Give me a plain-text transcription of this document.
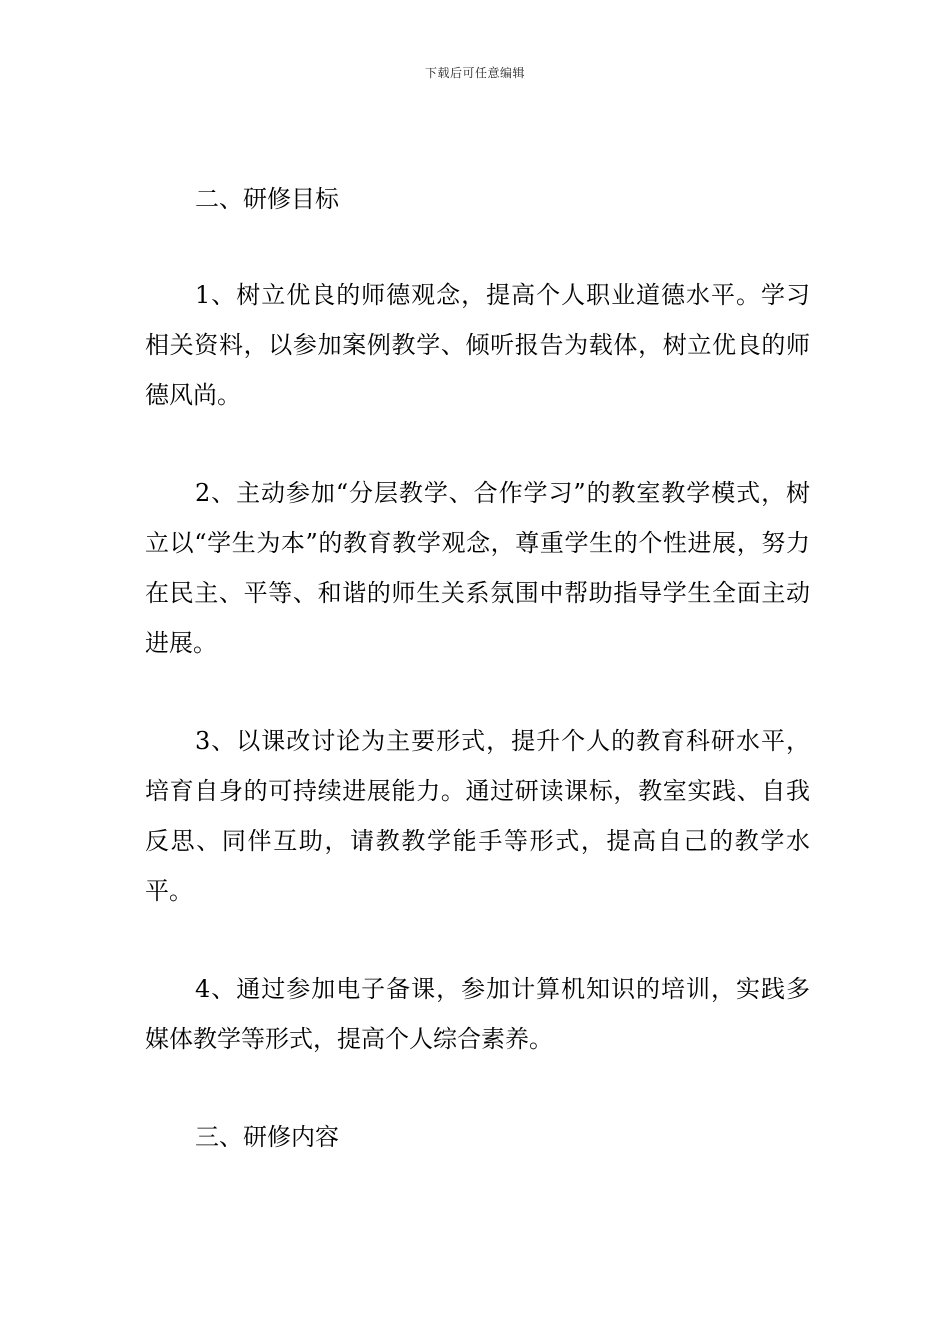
下载后可任意编辑
二、研修目标

1、树立优良的师德观念，提高个人职业道德水平。学习相关资料，以参加案例教学、倾听报告为载体，树立优良的师德风尚。

2、主动参加“分层教学、合作学习”的教室教学模式，树立以“学生为本”的教育教学观念，尊重学生的个性进展，努力在民主、平等、和谐的师生关系氛围中帮助指导学生全面主动进展。

3、以课改讨论为主要形式，提升个人的教育科研水平，培育自身的可持续进展能力。通过研读课标，教室实践、自我反思、同伴互助，请教教学能手等形式，提高自己的教学水平。

4、通过参加电子备课，参加计算机知识的培训，实践多媒体教学等形式，提高个人综合素养。

三、研修内容
